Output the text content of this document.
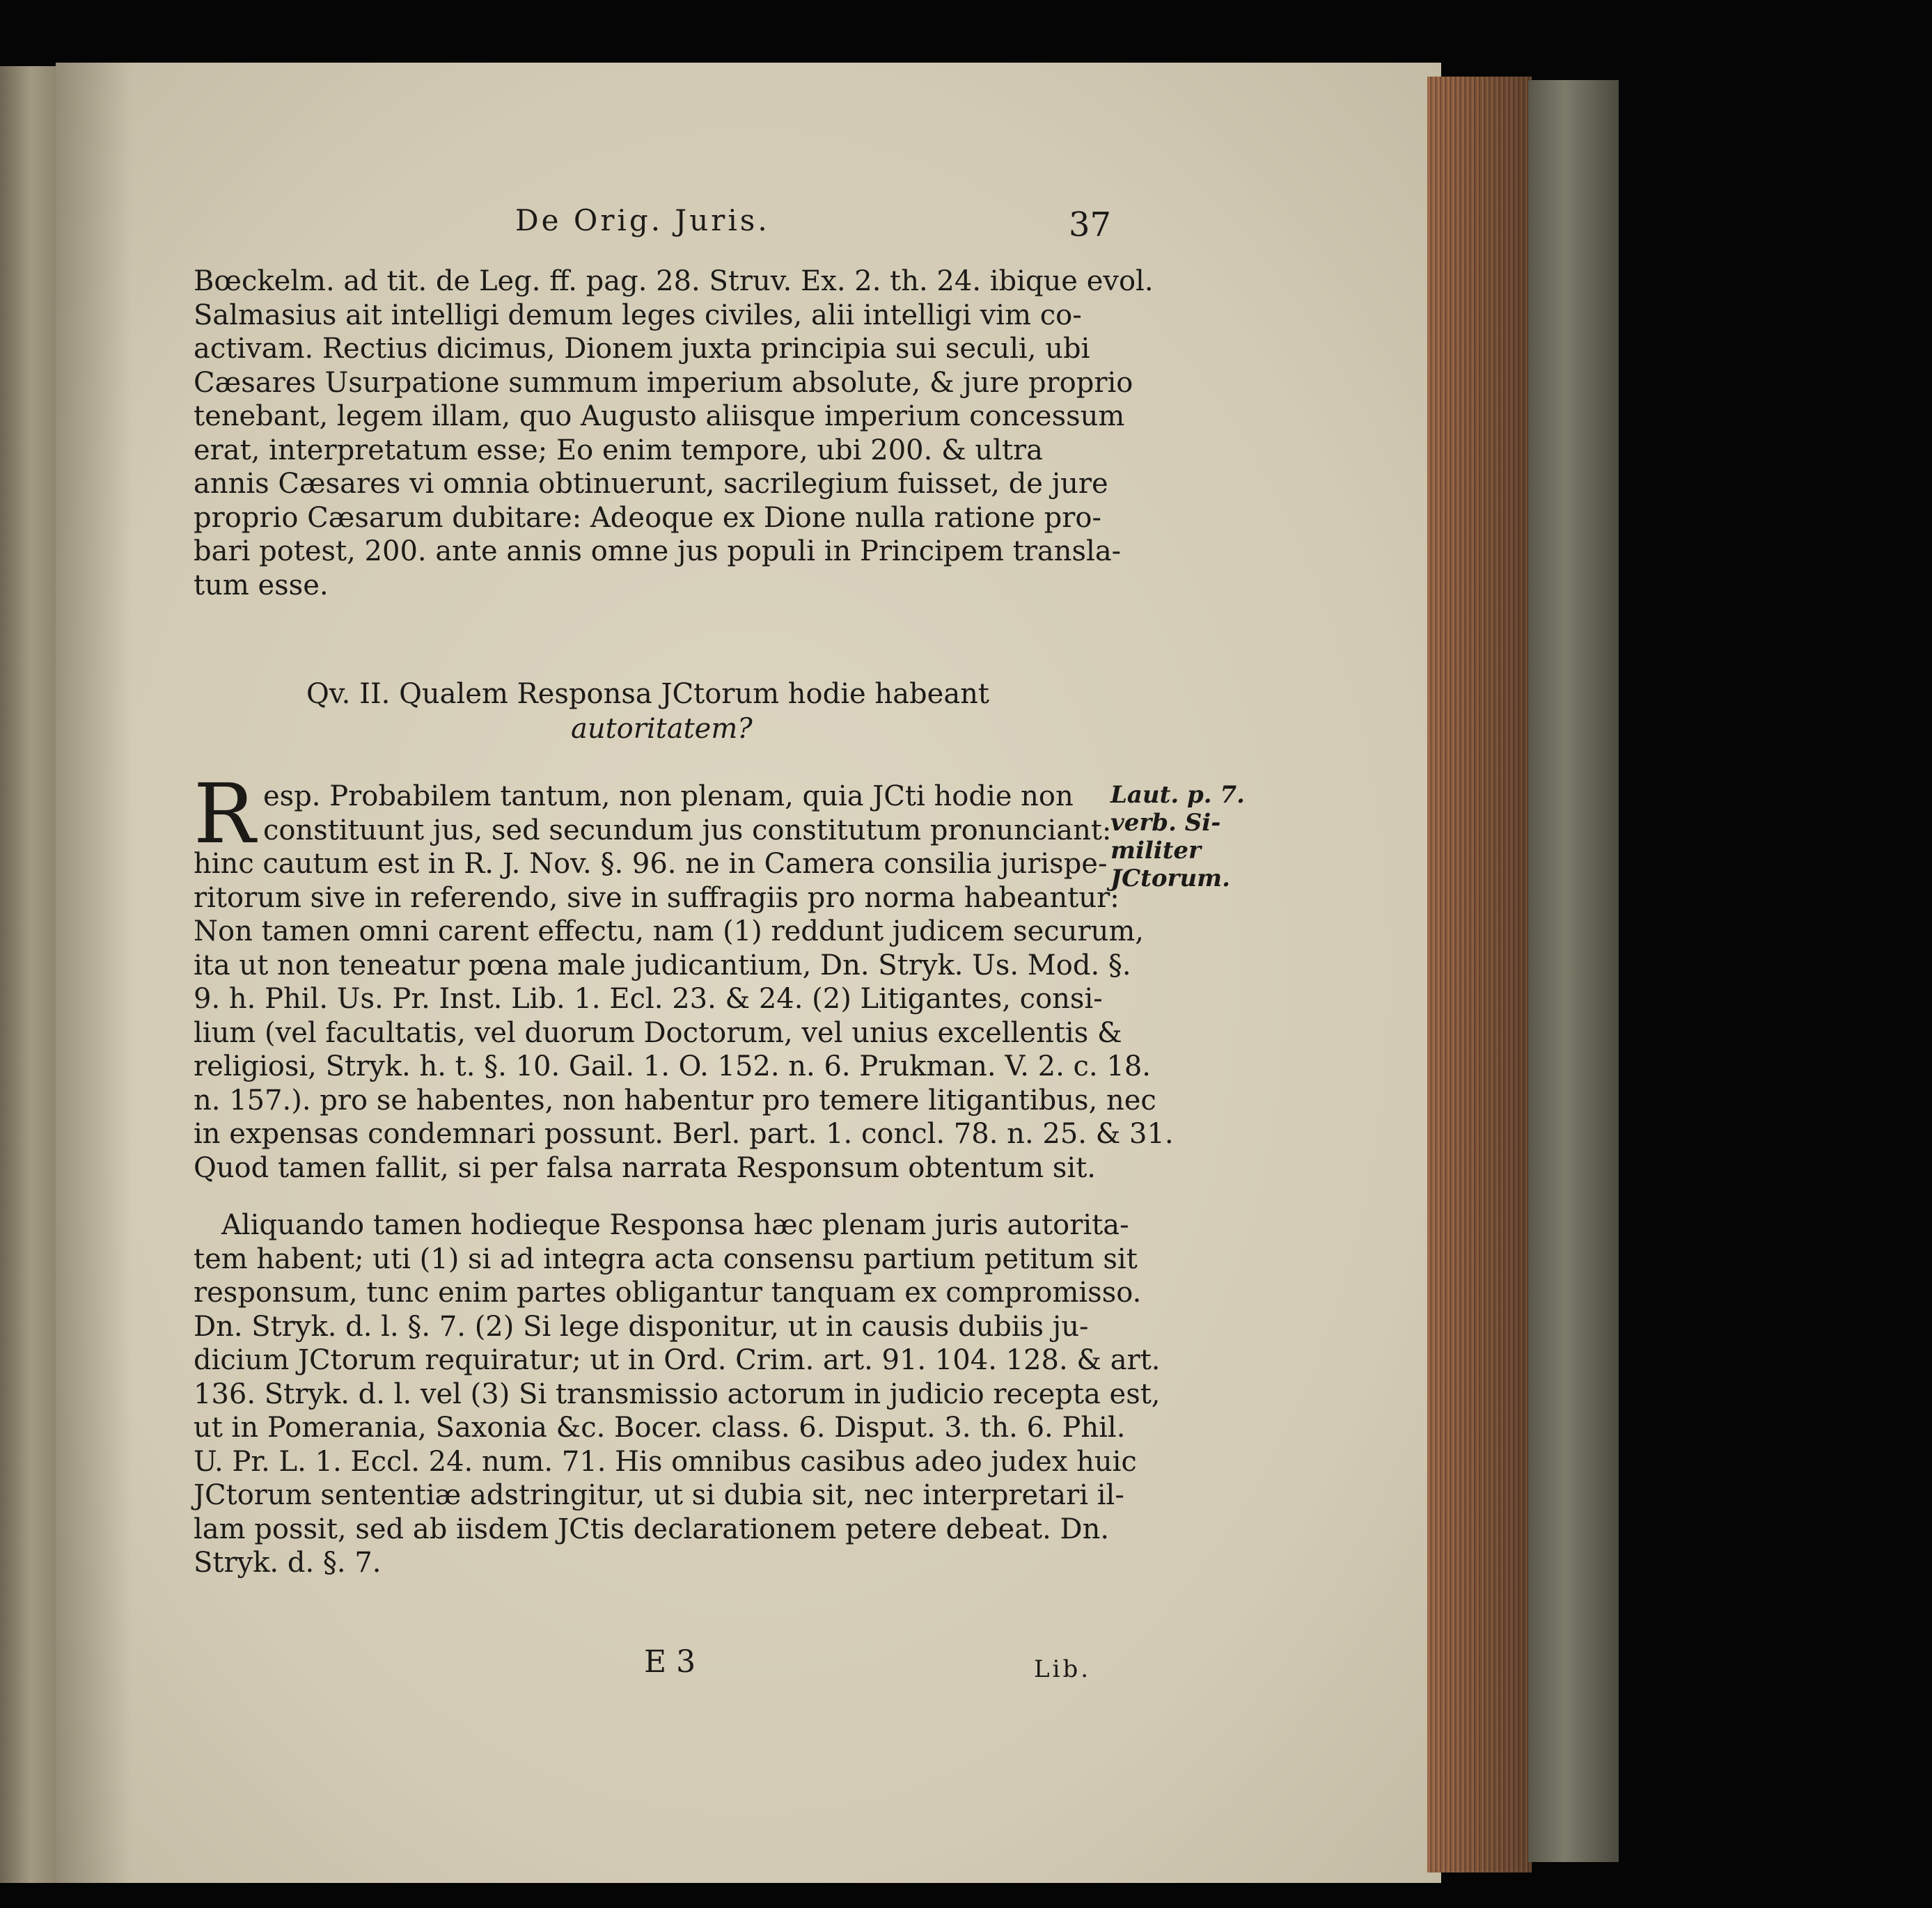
De Orig. Juris.	37
Bœckelm. ad tit. de Leg. ff. pag. 28. Struv. Ex. 2. th. 24. ibique evol.
Salmasius ait intelligi demum leges civiles, alii intelligi vim co-
activam. Rectius dicimus, Dionem juxta principia sui seculi, ubi
Cæsares Usurpatione summum imperium absolute, & jure proprio
tenebant, legem illam, quo Augusto aliisque imperium concessum
erat, interpretatum esse; Eo enim tempore, ubi 200. & ultra
annis Cæsares vi omnia obtinuerunt, sacrilegium fuisset, de jure
proprio Cæsarum dubitare: Adeoque ex Dione nulla ratione pro-
bari potest, 200. ante annis omne jus populi in Principem transla-
tum esse.
Qv. II. Qualem Responsa JCtorum hodie habeant
autoritatem?
R esp. Probabilem tantum, non plenam, quia JCti hodie non
constituunt jus, sed secundum jus constitutum pronunciant:
hinc cautum est in R. J. Nov. §. 96. ne in Camera consilia jurispe-
ritorum sive in referendo, sive in suffragiis pro norma habeantur:
Non tamen omni carent effectu, nam (1) reddunt judicem securum,
ita ut non teneatur pœna male judicantium, Dn. Stryk. Us. Mod. §.
9. h. Phil. Us. Pr. Inst. Lib. 1. Ecl. 23. & 24. (2) Litigantes, consi-
lium (vel facultatis, vel duorum Doctorum, vel unius excellentis &
religiosi, Stryk. h. t. §. 10. Gail. 1. O. 152. n. 6. Prukman. V. 2. c. 18.
n. 157.). pro se habentes, non habentur pro temere litigantibus, nec
in expensas condemnari possunt. Berl. part. 1. concl. 78. n. 25. & 31.
Quod tamen fallit, si per falsa narrata Responsum obtentum sit.
Laut. p. 7.
verb. Si-
militer
JCtorum.
Aliquando tamen hodieque Responsa hæc plenam juris autorita-
tem habent; uti (1) si ad integra acta consensu partium petitum sit
responsum, tunc enim partes obligantur tanquam ex compromisso.
Dn. Stryk. d. l. §. 7. (2) Si lege disponitur, ut in causis dubiis ju-
dicium JCtorum requiratur; ut in Ord. Crim. art. 91. 104. 128. & art.
136. Stryk. d. l. vel (3) Si transmissio actorum in judicio recepta est,
ut in Pomerania, Saxonia &c. Bocer. class. 6. Disput. 3. th. 6. Phil.
U. Pr. L. 1. Eccl. 24. num. 71. His omnibus casibus adeo judex huic
JCtorum sententiæ adstringitur, ut si dubia sit, nec interpretari il-
lam possit, sed ab iisdem JCtis declarationem petere debeat. Dn.
Stryk. d. §. 7.
E 3	Lib.
